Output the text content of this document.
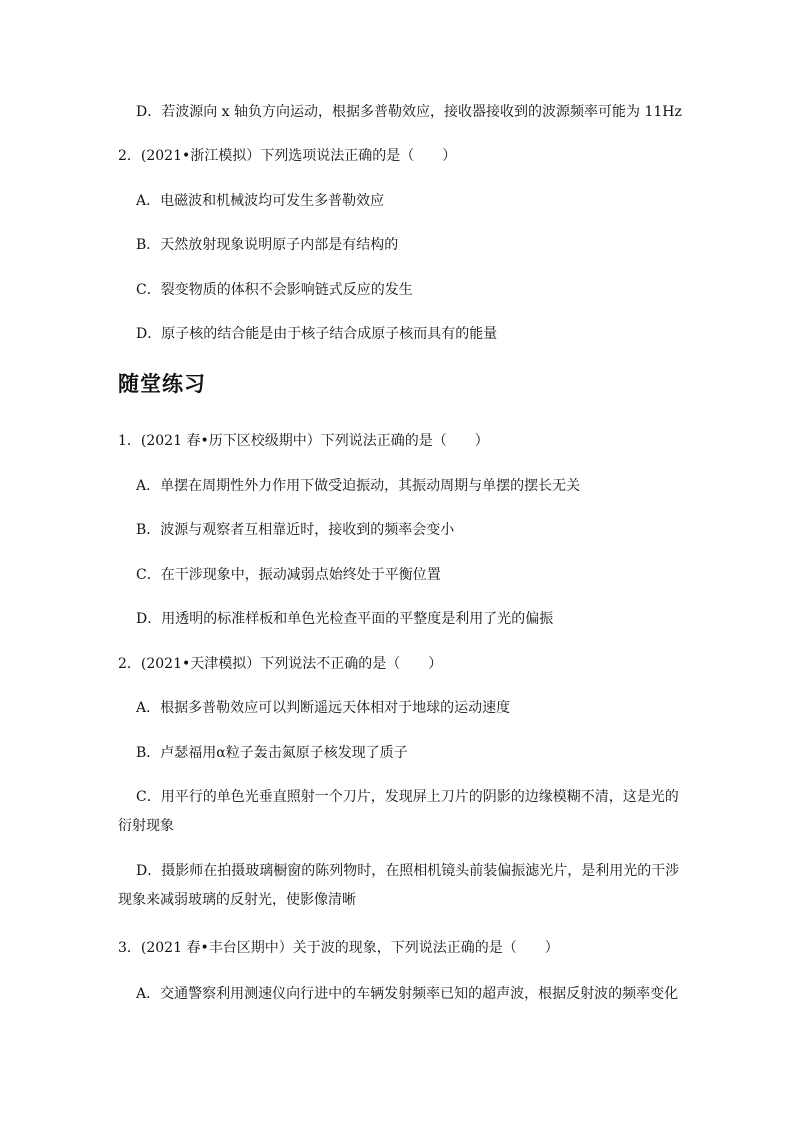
D．若波源向 x 轴负方向运动，根据多普勒效应，接收器接收到的波源频率可能为 11Hz
2．(2021•浙江模拟）下列选项说法正确的是（　　）
A．电磁波和机械波均可发生多普勒效应
B．天然放射现象说明原子内部是有结构的
C．裂变物质的体积不会影响链式反应的发生
D．原子核的结合能是由于核子结合成原子核而具有的能量
随堂练习
1．(2021 春•历下区校级期中）下列说法正确的是（　　）
A．单摆在周期性外力作用下做受迫振动，其振动周期与单摆的摆长无关
B．波源与观察者互相靠近时，接收到的频率会变小
C．在干涉现象中，振动减弱点始终处于平衡位置
D．用透明的标准样板和单色光检查平面的平整度是利用了光的偏振
2．(2021•天津模拟）下列说法不正确的是（　　）
A．根据多普勒效应可以判断遥远天体相对于地球的运动速度
B．卢瑟福用α粒子轰击氮原子核发现了质子
C．用平行的单色光垂直照射一个刀片，发现屏上刀片的阴影的边缘模糊不清，这是光的
衍射现象
D．摄影师在拍摄玻璃橱窗的陈列物时，在照相机镜头前装偏振滤光片，是利用光的干涉
现象来减弱玻璃的反射光，使影像清晰
3．(2021 春•丰台区期中）关于波的现象，下列说法正确的是（　　）
A．交通警察利用测速仪向行进中的车辆发射频率已知的超声波，根据反射波的频率变化
